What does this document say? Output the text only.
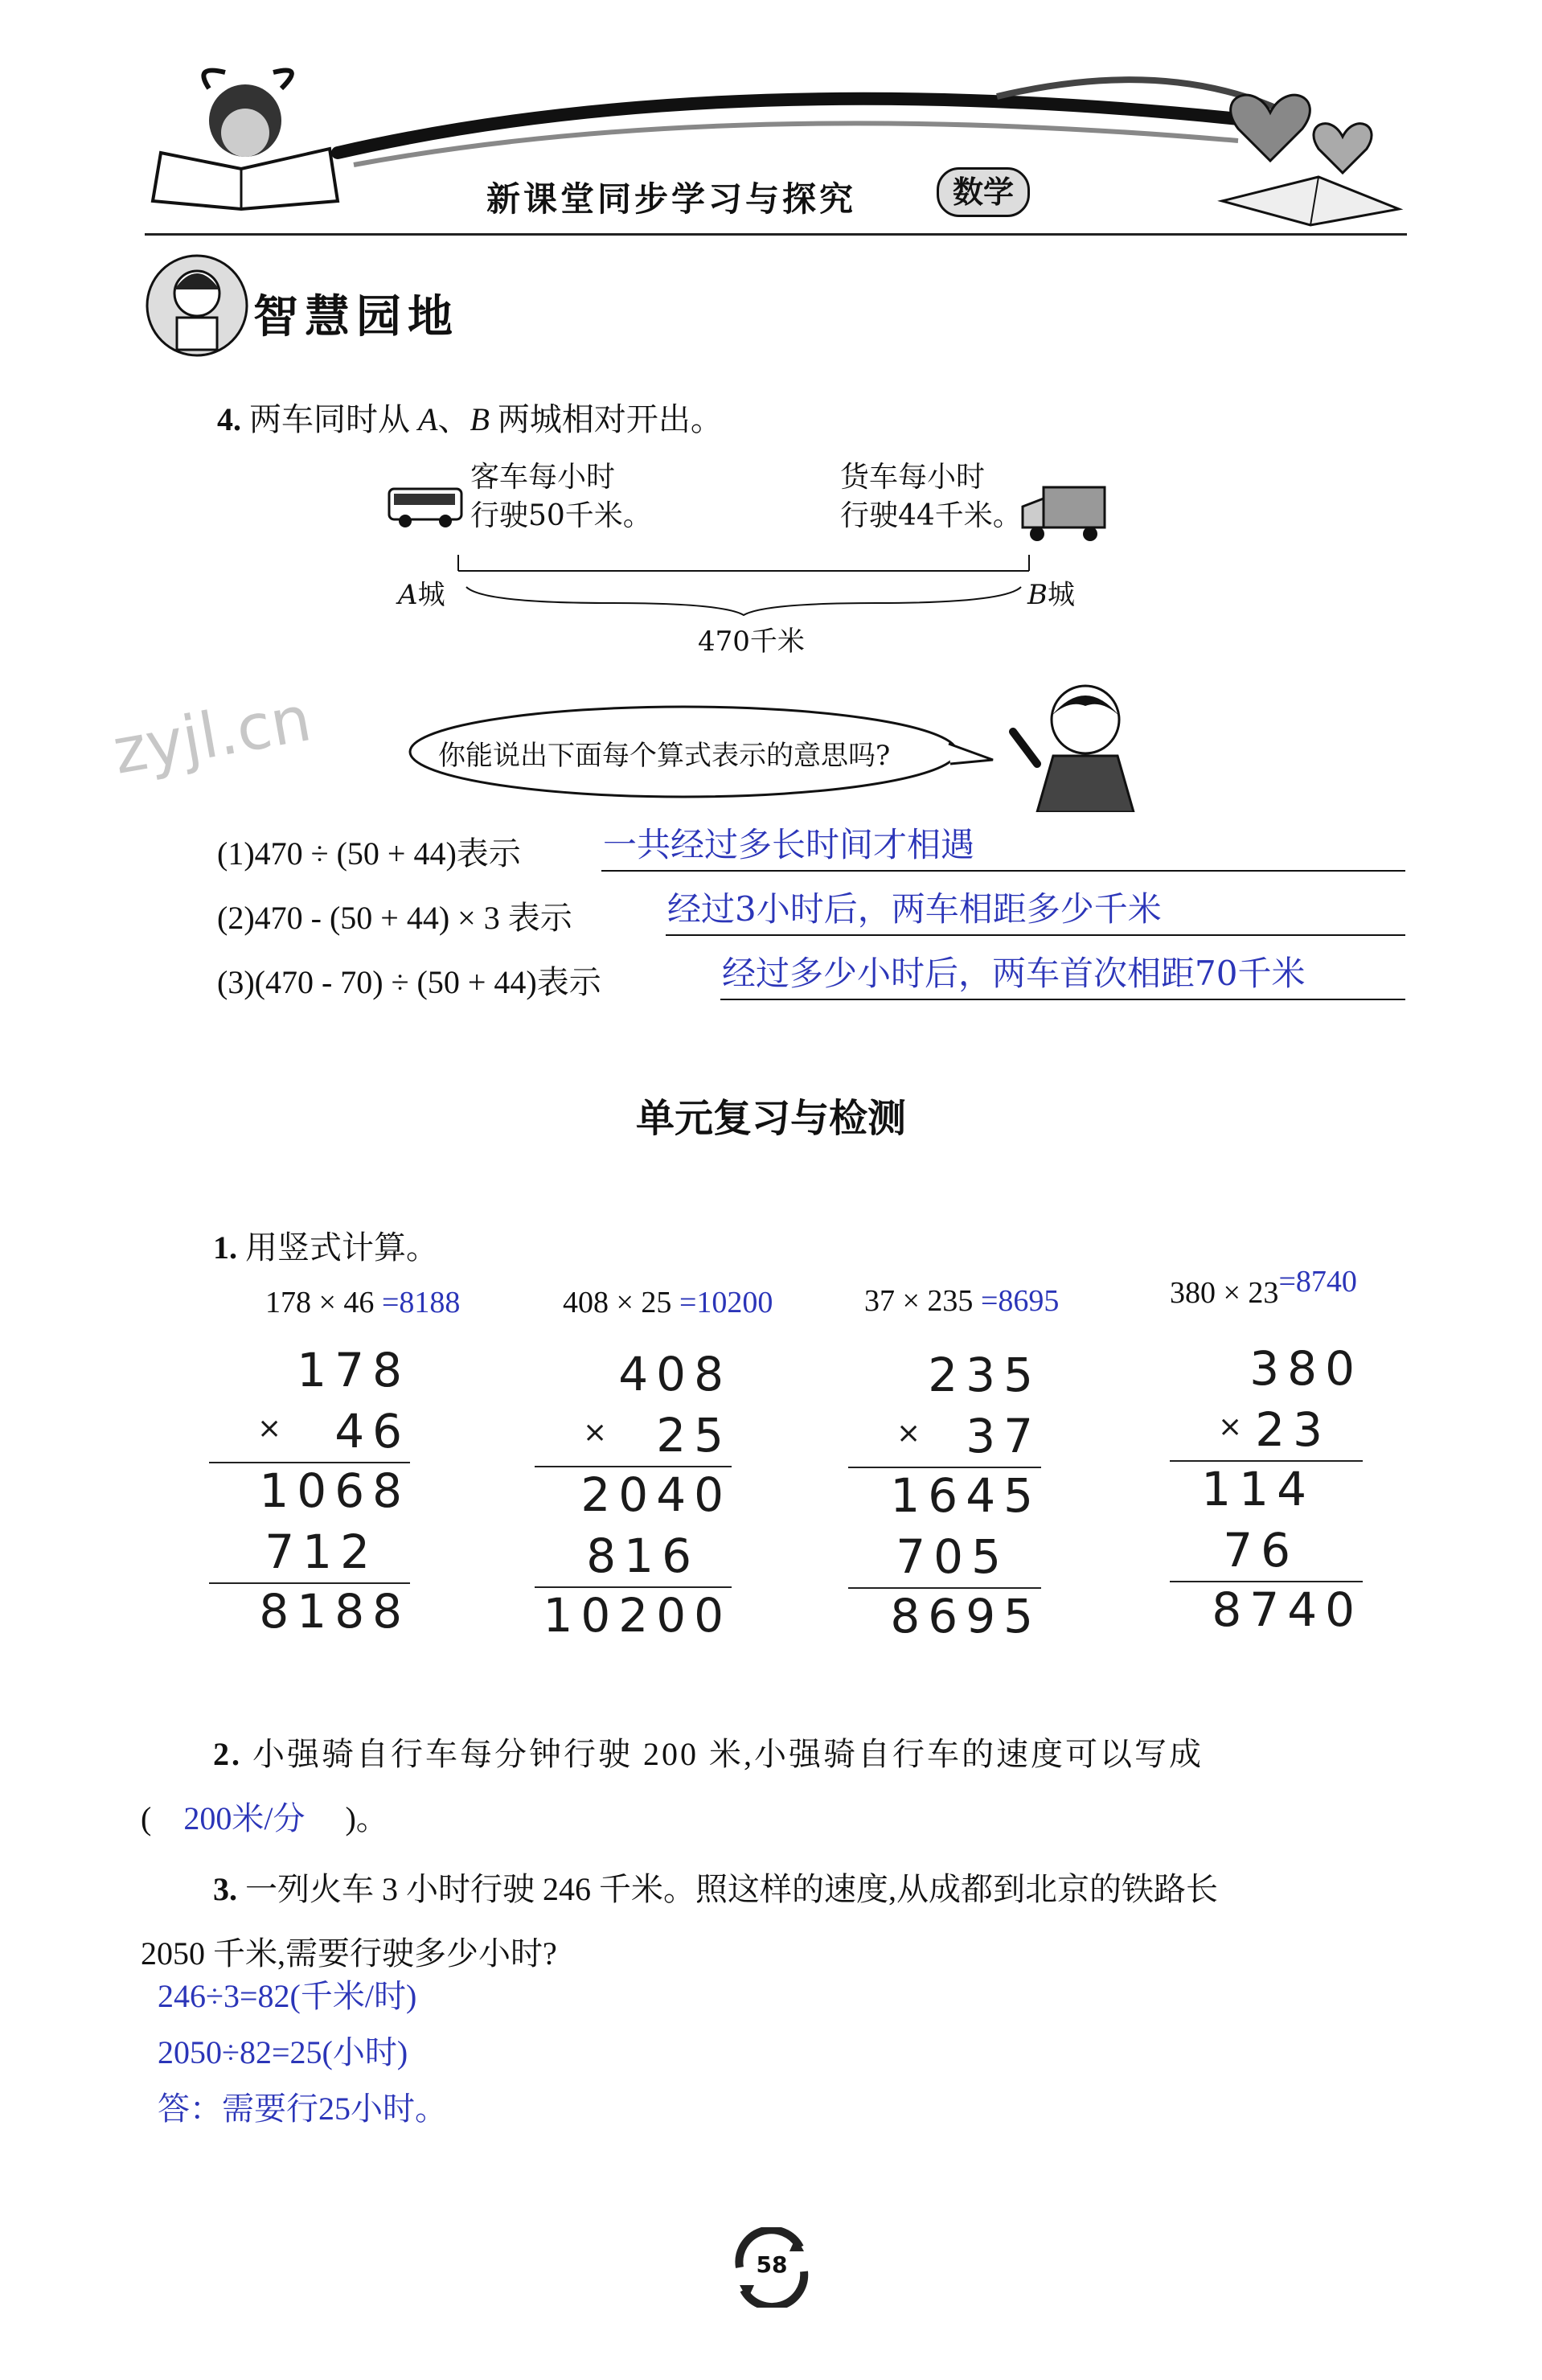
新课堂同步学习与探究	数学
智慧园地
4. 两车同时从 A、B 两城相对开出。
客车每小时
行驶50千米。
货车每小时
行驶44千米。
A城	B城
470千米
zyjl.cn	你能说出下面每个算式表示的意思吗?
(1)470 ÷ (50 + 44)表示 一共经过多长时间才相遇
(2)470 - (50 + 44) × 3 表示	经过3小时后，两车相距多少千米
(3)(470 - 70) ÷ (50 + 44)表示	经过多少小时后，两车首次相距70千米
单元复习与检测
1. 用竖式计算。
178 × 46 =8188
178
× 46
1068
712
8188
408 × 25 =10200
408
× 25
2040
816
10200
37 × 235 =8695
235
× 37
1645
705
8695
380 × 23=8740
380
× 23
114
76
8740
2. 小强骑自行车每分钟行驶 200 米,小强骑自行车的速度可以写成
( 200米/分 )。
3. 一列火车 3 小时行驶 246 千米。照这样的速度,从成都到北京的铁路长
2050 千米,需要行驶多少小时?
246÷3=82(千米/时)
2050÷82=25(小时)
答：需要行25小时。
58
